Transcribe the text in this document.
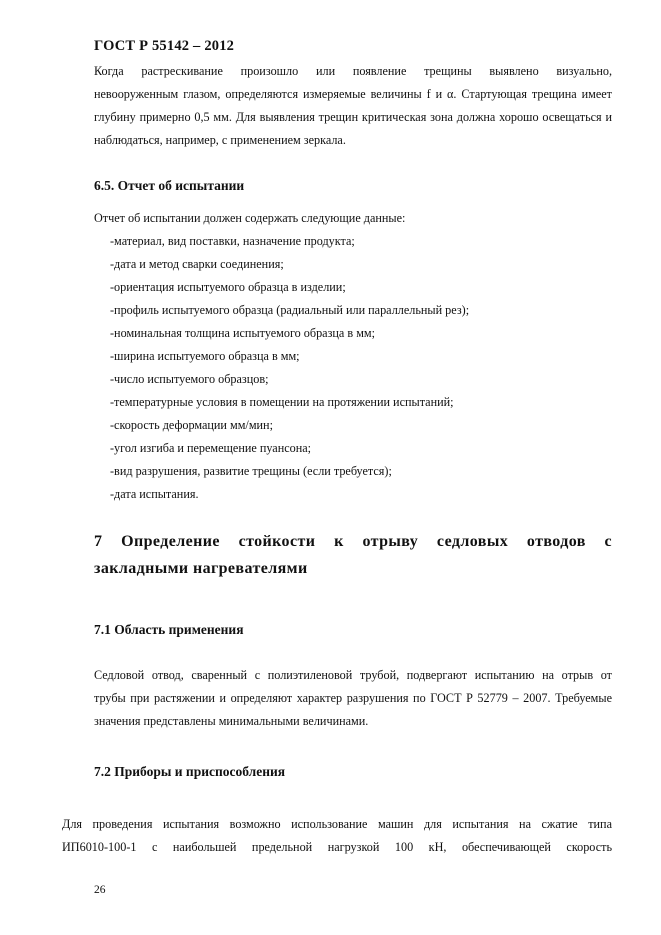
ГОСТ Р 55142 – 2012
Когда растрескивание произошло или появление трещины выявлено визуально,
невооруженным глазом, определяются измеряемые величины f и α. Стартующая трещина имеет
глубину примерно 0,5 мм. Для выявления трещин критическая зона должна хорошо освещаться и
наблюдаться, например, с применением зеркала.
6.5. Отчет об испытании
Отчет об испытании должен содержать следующие данные:
-материал, вид поставки, назначение продукта;
-дата и метод сварки соединения;
-ориентация испытуемого образца в изделии;
-профиль испытуемого образца (радиальный или параллельный рез);
-номинальная толщина испытуемого образца в мм;
-ширина испытуемого образца в мм;
-число испытуемого образцов;
-температурные условия в помещении на протяжении испытаний;
-скорость деформации мм/мин;
-угол изгиба и перемещение пуансона;
-вид разрушения, развитие трещины (если требуется);
-дата испытания.
7 Определение стойкости к отрыву седловых отводов с
закладными нагревателями
7.1 Область применения
Седловой отвод, сваренный с полиэтиленовой трубой, подвергают испытанию на отрыв от
трубы при растяжении и определяют характер разрушения по ГОСТ Р 52779 – 2007. Требуемые
значения представлены минимальными величинами.
7.2 Приборы и приспособления
Для проведения испытания возможно использование машин для испытания на сжатие типа
ИП6010-100-1 с наибольшей предельной нагрузкой 100 кН, обеспечивающей скорость
26
